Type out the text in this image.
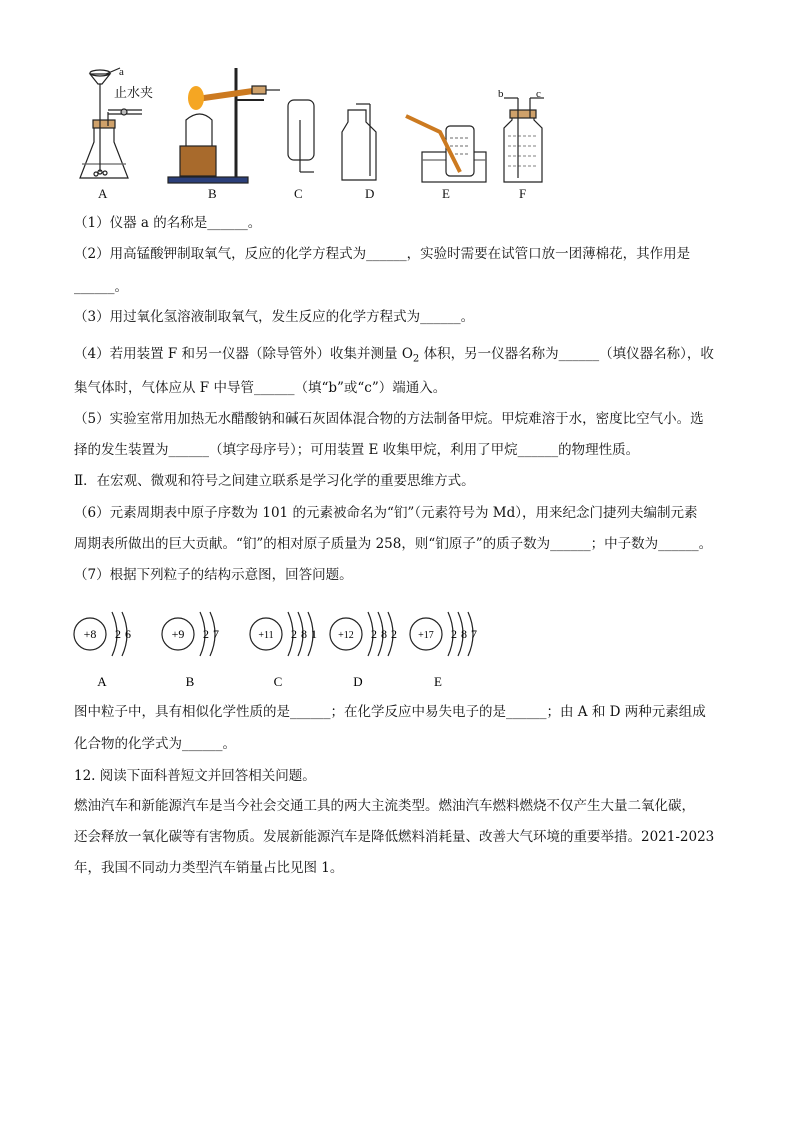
a
止水夹	b	c
A	B	C	D	E	F
（1）仪器 a 的名称是______。
（2）用高锰酸钾制取氧气，反应的化学方程式为______，实验时需要在试管口放一团薄棉花，其作用是
______。
（3）用过氧化氢溶液制取氧气，发生反应的化学方程式为______。
（4）若用装置 F 和另一仪器（除导管外）收集并测量 $O_2$ 体积，另一仪器名称为______（填仪器名称），收
集气体时，气体应从 F 中导管______（填“b”或“c”）端通入。
（5）实验室常用加热无水醋酸钠和碱石灰固体混合物的方法制备甲烷。甲烷难溶于水，密度比空气小。选
择的发生装置为______（填字母序号）；可用装置 E 收集甲烷，利用了甲烷______的物理性质。
Ⅱ．在宏观、微观和符号之间建立联系是学习化学的重要思维方式。
（6）元素周期表中原子序数为 101 的元素被命名为“钔”（元素符号为 Md），用来纪念门捷列夫编制元素
周期表所做出的巨大贡献。“钔”的相对原子质量为 258，则“钔原子”的质子数为______；中子数为______。
（7）根据下列粒子的结构示意图，回答问题。
+8 2 6
A
+9 2 7
B
+11 2 8 1
C
+12 2 8 2
D
+17 2 8 7
E
图中粒子中，具有相似化学性质的是______；在化学反应中易失电子的是______；由 A 和 D 两种元素组成
化合物的化学式为______。
12. 阅读下面科普短文并回答相关问题。
燃油汽车和新能源汽车是当今社会交通工具的两大主流类型。燃油汽车燃料燃烧不仅产生大量二氧化碳，
还会释放一氧化碳等有害物质。发展新能源汽车是降低燃料消耗量、改善大气环境的重要举措。2021-2023
年，我国不同动力类型汽车销量占比见图 1。
